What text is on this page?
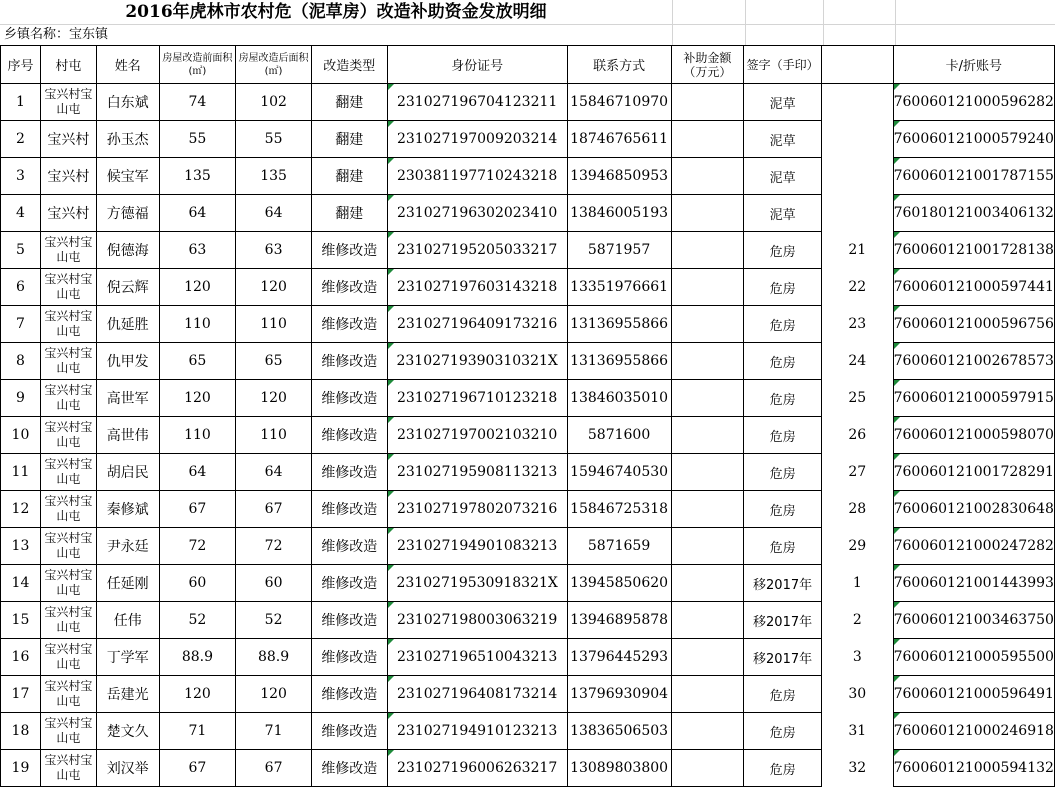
2016年虎林市农村危（泥草房）改造补助资金发放明细
乡镇名称：宝东镇
序号	村屯	姓名	房屋改造前面积(㎡)	房屋改造后面积(㎡)	改造类型	身份证号	联系方式	补助金额（万元）	签字（手印）		卡/折账号
1	宝兴村宝山屯	白东斌	74	102	翻建	231027196704123211	15846710970		泥草		760060121000596282
2	宝兴村	孙玉杰	55	55	翻建	231027197009203214	18746765611		泥草		760060121000579240
3	宝兴村	候宝军	135	135	翻建	230381197710243218	13946850953		泥草		760060121001787155
4	宝兴村	方德福	64	64	翻建	231027196302023410	13846005193		泥草		760180121003406132
5	宝兴村宝山屯	倪德海	63	63	维修改造	231027195205033217	5871957		危房	21	760060121001728138
6	宝兴村宝山屯	倪云辉	120	120	维修改造	231027197603143218	13351976661		危房	22	760060121000597441
7	宝兴村宝山屯	仇延胜	110	110	维修改造	231027196409173216	13136955866		危房	23	760060121000596756
8	宝兴村宝山屯	仇甲发	65	65	维修改造	23102719390310321X	13136955866		危房	24	760060121002678573
9	宝兴村宝山屯	高世军	120	120	维修改造	231027196710123218	13846035010		危房	25	760060121000597915
10	宝兴村宝山屯	高世伟	110	110	维修改造	231027197002103210	5871600		危房	26	760060121000598070
11	宝兴村宝山屯	胡启民	64	64	维修改造	231027195908113213	15946740530		危房	27	760060121001728291
12	宝兴村宝山屯	秦修斌	67	67	维修改造	231027197802073216	15846725318		危房	28	760060121002830648
13	宝兴村宝山屯	尹永廷	72	72	维修改造	231027194901083213	5871659		危房	29	760060121000247282
14	宝兴村宝山屯	任延刚	60	60	维修改造	23102719530918321X	13945850620		移2017年	1	760060121001443993
15	宝兴村宝山屯	任伟	52	52	维修改造	231027198003063219	13946895878		移2017年	2	760060121003463750
16	宝兴村宝山屯	丁学军	88.9	88.9	维修改造	231027196510043213	13796445293		移2017年	3	760060121000595500
17	宝兴村宝山屯	岳建光	120	120	维修改造	231027196408173214	13796930904		危房	30	760060121000596491
18	宝兴村宝山屯	楚文久	71	71	维修改造	231027194910123213	13836506503		危房	31	760060121000246918
19	宝兴村宝山屯	刘汉举	67	67	维修改造	231027196006263217	13089803800		危房	32	760060121000594132
